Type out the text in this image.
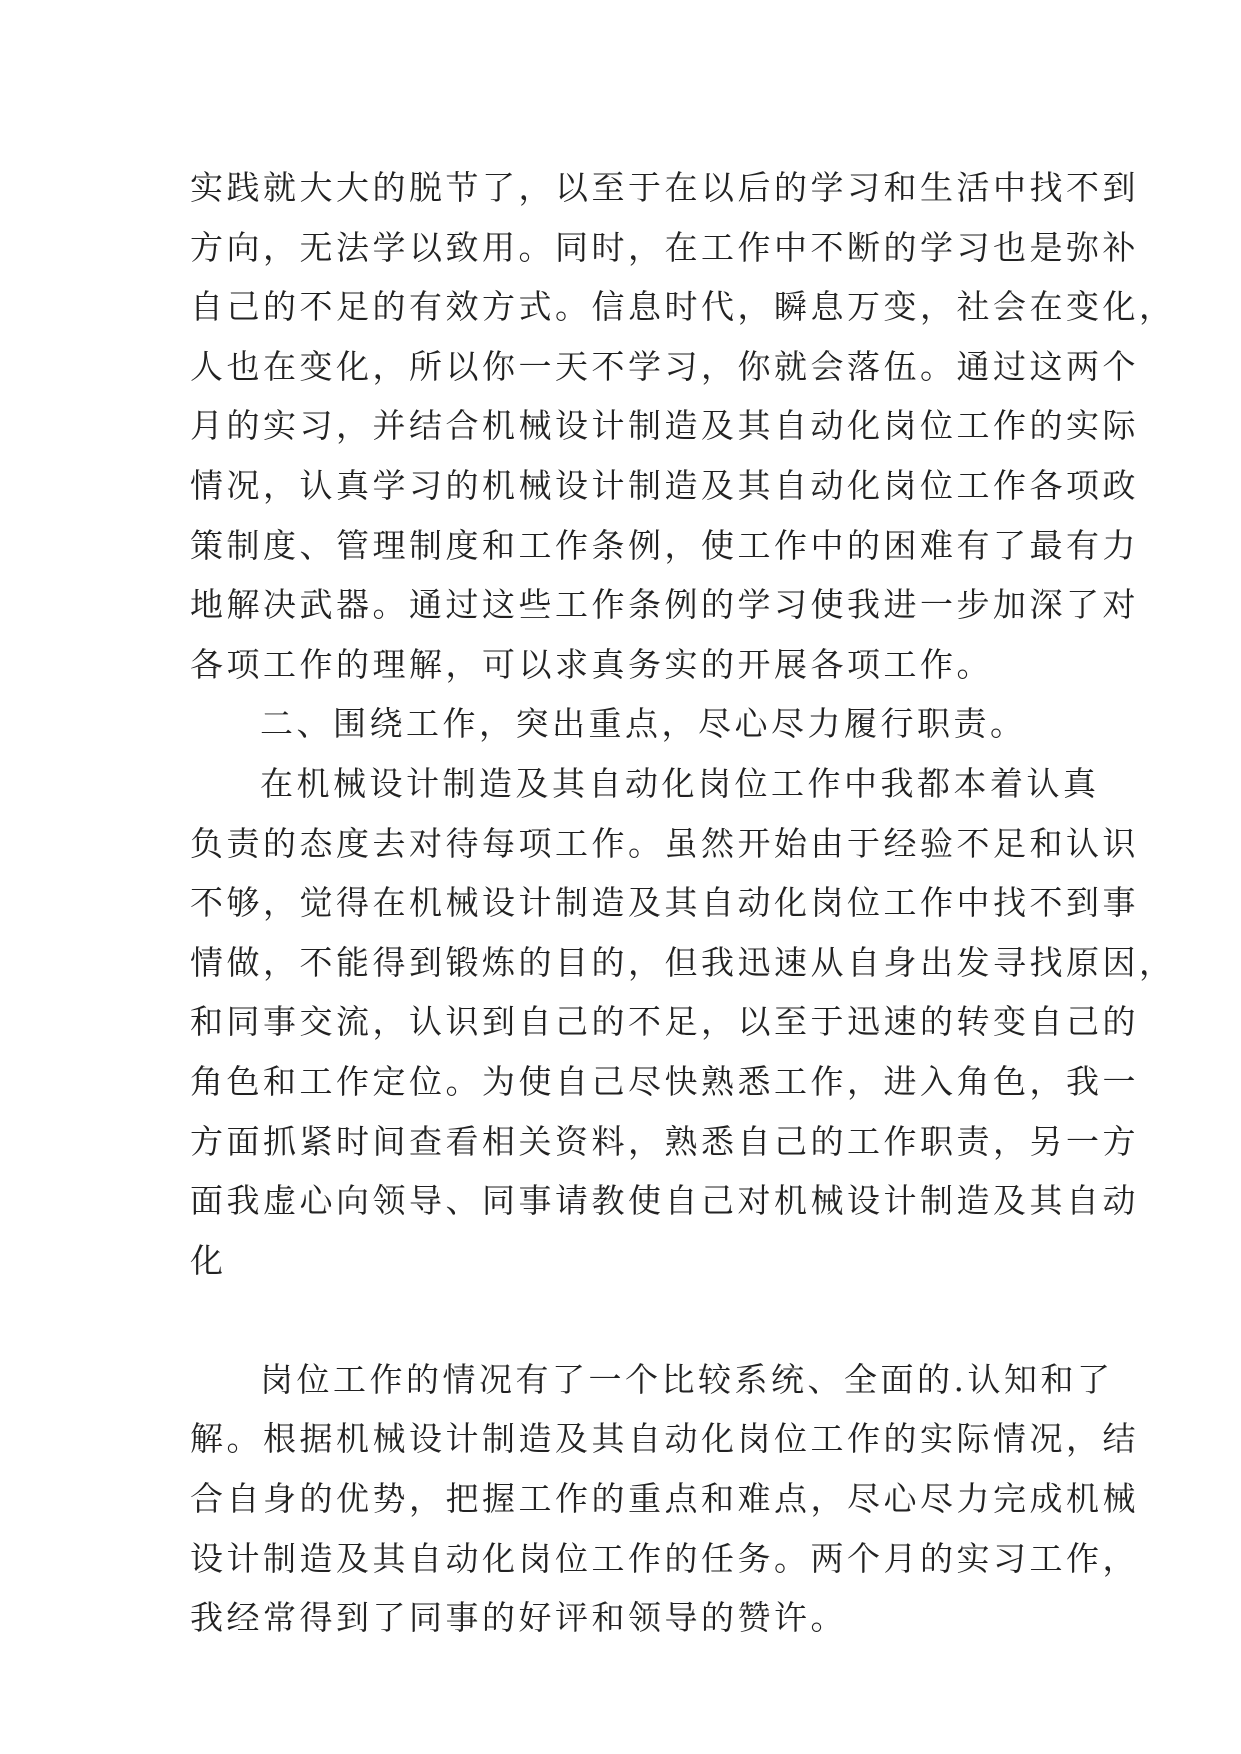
实践就大大的脱节了，以至于在以后的学习和生活中找不到
方向，无法学以致用。同时，在工作中不断的学习也是弥补
自己的不足的有效方式。信息时代，瞬息万变，社会在变化，
人也在变化，所以你一天不学习，你就会落伍。通过这两个
月的实习，并结合机械设计制造及其自动化岗位工作的实际
情况，认真学习的机械设计制造及其自动化岗位工作各项政
策制度、管理制度和工作条例，使工作中的困难有了最有力
地解决武器。通过这些工作条例的学习使我进一步加深了对
各项工作的理解，可以求真务实的开展各项工作。
二、围绕工作，突出重点，尽心尽力履行职责。
在机械设计制造及其自动化岗位工作中我都本着认真
负责的态度去对待每项工作。虽然开始由于经验不足和认识
不够，觉得在机械设计制造及其自动化岗位工作中找不到事
情做，不能得到锻炼的目的，但我迅速从自身出发寻找原因，
和同事交流，认识到自己的不足，以至于迅速的转变自己的
角色和工作定位。为使自己尽快熟悉工作，进入角色，我一
方面抓紧时间查看相关资料，熟悉自己的工作职责，另一方
面我虚心向领导、同事请教使自己对机械设计制造及其自动
化
岗位工作的情况有了一个比较系统、全面的.认知和了
解。根据机械设计制造及其自动化岗位工作的实际情况，结
合自身的优势，把握工作的重点和难点，尽心尽力完成机械
设计制造及其自动化岗位工作的任务。两个月的实习工作，
我经常得到了同事的好评和领导的赞许。
